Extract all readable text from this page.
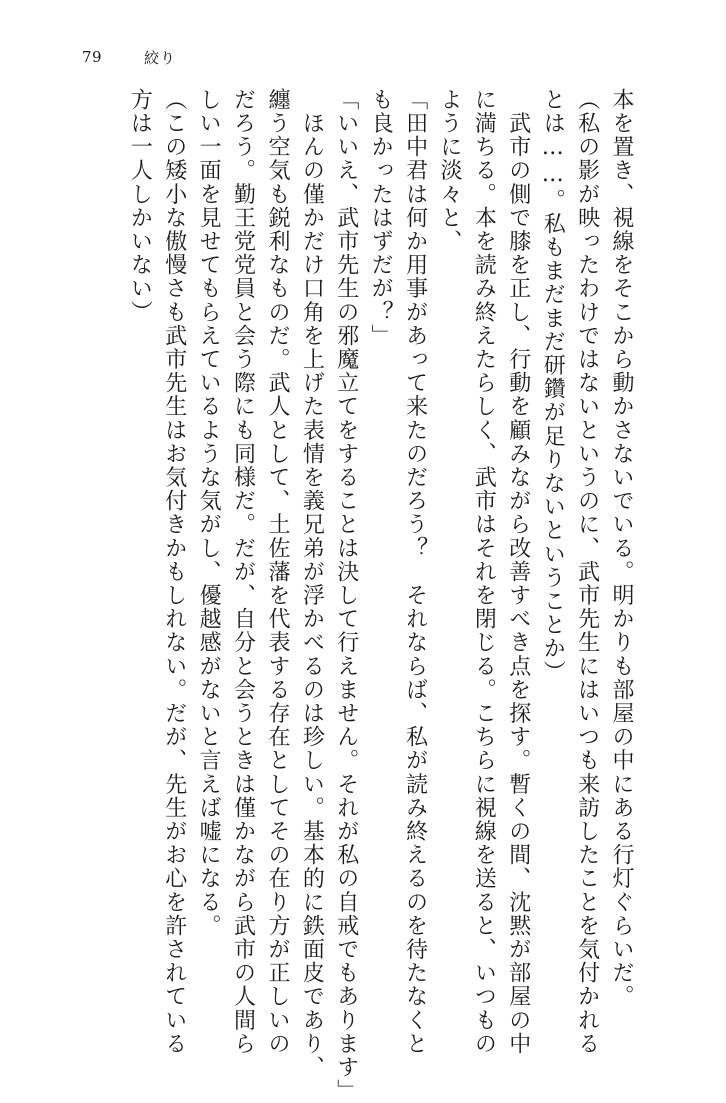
79	絞り
本を置き、視線をそこから動かさないでいる。明かりも部屋の中にある行灯ぐらいだ。
（私の影が映ったわけではないというのに、武市先生にはいつも来訪したことを気付かれる
とは……。私もまだまだ研鑽が足りないということか）
　武市の側で膝を正し、行動を顧みながら改善すべき点を探す。暫くの間、沈黙が部屋の中
に満ちる。本を読み終えたらしく、武市はそれを閉じる。こちらに視線を送ると、いつもの
ように淡々と、
「田中君は何か用事があって来たのだろう？　それならば、私が読み終えるのを待たなくと
も良かったはずだが？」
「いいえ、武市先生の邪魔立てをすることは決して行えません。それが私の自戒でもあります」
　ほんの僅かだけ口角を上げた表情を義兄弟が浮かべるのは珍しい。基本的に鉄面皮であり、
纏う空気も鋭利なものだ。武人として、土佐藩を代表する存在としてその在り方が正しいの
だろう。勤王党党員と会う際にも同様だ。だが、自分と会うときは僅かながら武市の人間ら
しい一面を見せてもらえているような気がし、優越感がないと言えば嘘になる。
（この矮小な傲慢さも武市先生はお気付きかもしれない。だが、先生がお心を許されている
方は一人しかいない）
